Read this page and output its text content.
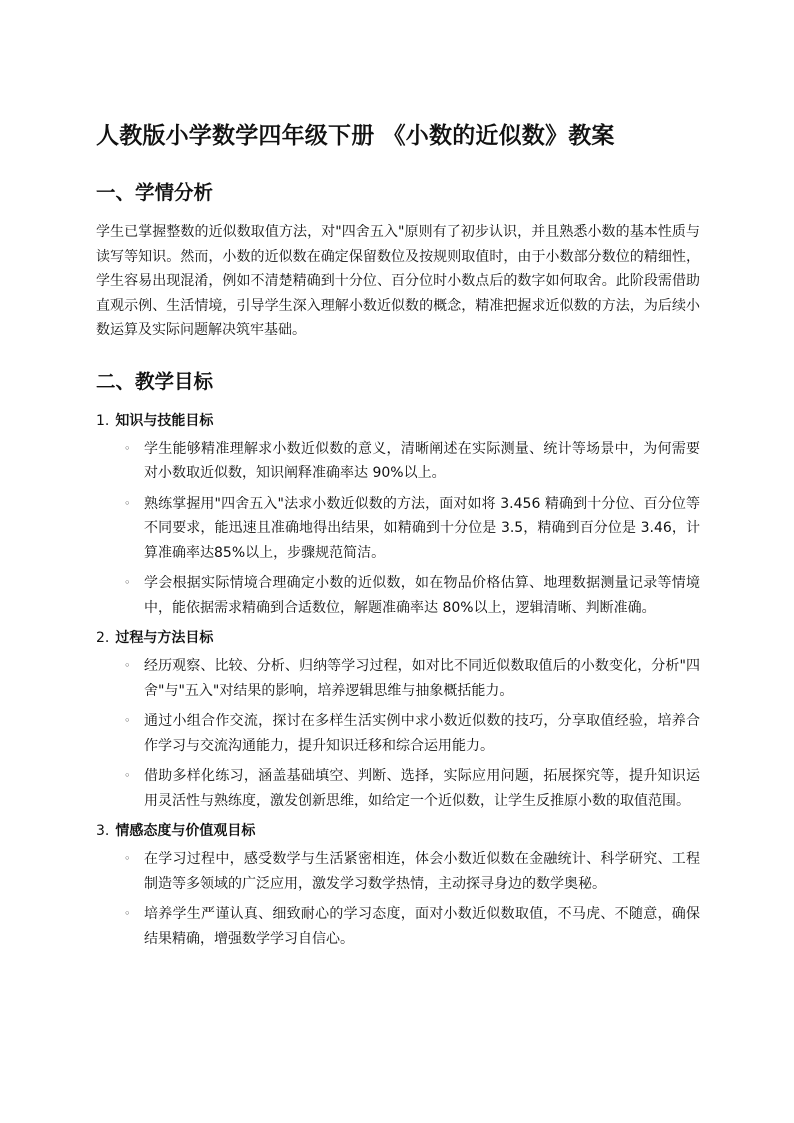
人教版小学数学四年级下册 《小数的近似数》教案
一、学情分析

学生已掌握整数的近似数取值方法，对"四舍五入"原则有了初步认识，并且熟悉小数的基本性质与读写等知识。然而，小数的近似数在确定保留数位及按规则取值时，由于小数部分数位的精细性，学生容易出现混淆，例如不清楚精确到十分位、百分位时小数点后的数字如何取舍。此阶段需借助直观示例、生活情境，引导学生深入理解小数近似数的概念，精准把握求近似数的方法，为后续小数运算及实际问题解决筑牢基础。

二、教学目标
1. 知识与技能目标
◦ 学生能够精准理解求小数近似数的意义，清晰阐述在实际测量、统计等场景中，为何需要对小数取近似数，知识阐释准确率达 90%以上。
◦ 熟练掌握用"四舍五入"法求小数近似数的方法，面对如将 3.456 精确到十分位、百分位等不同要求，能迅速且准确地得出结果，如精确到十分位是 3.5，精确到百分位是 3.46，计算准确率达85%以上，步骤规范简洁。
◦ 学会根据实际情境合理确定小数的近似数，如在物品价格估算、地理数据测量记录等情境中，能依据需求精确到合适数位，解题准确率达 80%以上，逻辑清晰、判断准确。
2. 过程与方法目标
◦ 经历观察、比较、分析、归纳等学习过程，如对比不同近似数取值后的小数变化，分析"四舍"与"五入"对结果的影响，培养逻辑思维与抽象概括能力。
◦ 通过小组合作交流，探讨在多样生活实例中求小数近似数的技巧，分享取值经验，培养合作学习与交流沟通能力，提升知识迁移和综合运用能力。
◦ 借助多样化练习，涵盖基础填空、判断、选择，实际应用问题，拓展探究等，提升知识运用灵活性与熟练度，激发创新思维，如给定一个近似数，让学生反推原小数的取值范围。
3. 情感态度与价值观目标
◦ 在学习过程中，感受数学与生活紧密相连，体会小数近似数在金融统计、科学研究、工程制造等多领域的广泛应用，激发学习数学热情，主动探寻身边的数学奥秘。
◦ 培养学生严谨认真、细致耐心的学习态度，面对小数近似数取值，不马虎、不随意，确保结果精确，增强数学学习自信心。
